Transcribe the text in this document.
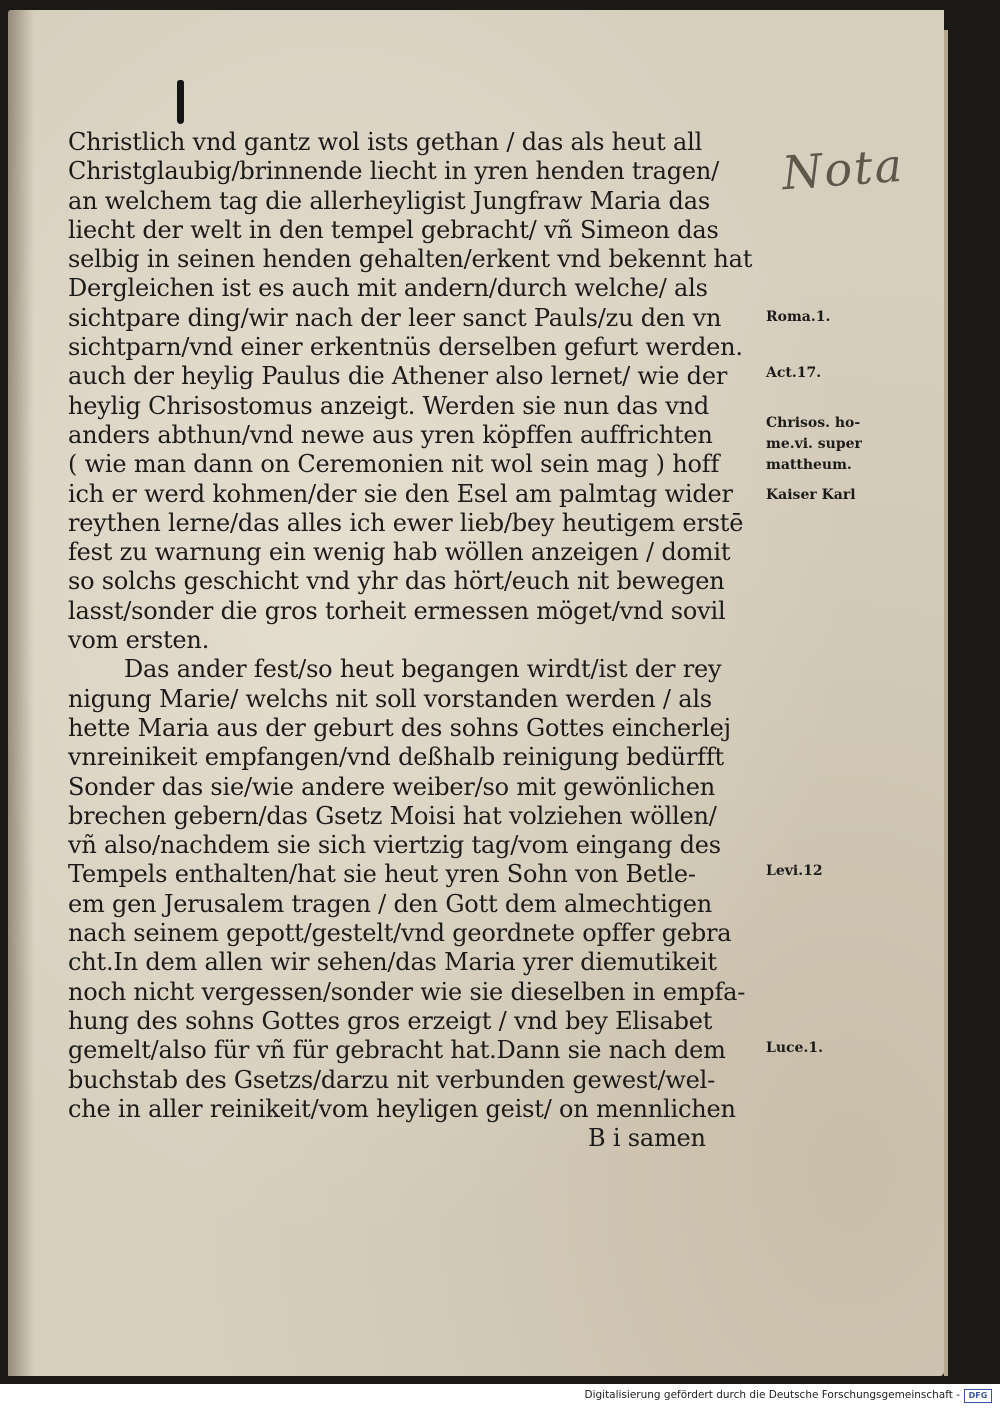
Christlich vnd gantz wol ists gethan / das als heut all
Christglaubig/brinnende liecht in yren henden tragen/
an welchem tag die allerheyligist Jungfraw Maria das
liecht der welt in den tempel gebracht/ vñ Simeon das
selbig in seinen henden gehalten/erkent vnd bekennt hat
Dergleichen ist es auch mit andern/durch welche/ als
sichtpare ding/wir nach der leer sanct Pauls/zu den vn
sichtparn/vnd einer erkentnüs derselben gefurt werden.
auch der heylig Paulus die Athener also lernet/ wie der
heylig Chrisostomus anzeigt. Werden sie nun das vnd
anders abthun/vnd newe aus yren köpffen auffrichten
( wie man dann on Ceremonien nit wol sein mag ) hoff
ich er werd kohmen/der sie den Esel am palmtag wider
reythen lerne/das alles ich ewer lieb/bey heutigem erstē
fest zu warnung ein wenig hab wöllen anzeigen / domit
so solchs geschicht vnd yhr das hört/euch nit bewegen
lasst/sonder die gros torheit ermessen möget/vnd sovil
vom ersten.
Das ander fest/so heut begangen wirdt/ist der rey
nigung Marie/ welchs nit soll vorstanden werden / als
hette Maria aus der geburt des sohns Gottes eincherlej
vnreinikeit empfangen/vnd deßhalb reinigung bedürfft
Sonder das sie/wie andere weiber/so mit gewönlichen
brechen gebern/das Gsetz Moisi hat volziehen wöllen/
vñ also/nachdem sie sich viertzig tag/vom eingang des
Tempels enthalten/hat sie heut yren Sohn von Betle-
em gen Jerusalem tragen / den Gott dem almechtigen
nach seinem gepott/gestelt/vnd geordnete opffer gebra
cht.In dem allen wir sehen/das Maria yrer diemutikeit
noch nicht vergessen/sonder wie sie dieselben in empfa-
hung des sohns Gottes gros erzeigt / vnd bey Elisabet
gemelt/also für vñ für gebracht hat.Dann sie nach dem
buchstab des Gsetzs/darzu nit verbunden gewest/wel-
che in aller reinikeit/vom heyligen geist/ on mennlichen
B i samen
Nota
Roma.1.
Act.17.
Chrisos. ho-
me.vi. super
mattheum.
Kaiser Karl
Levi.12
Luce.1.
Digitalisierung gefördert durch die Deutsche Forschungsgemeinschaft -	DFG
